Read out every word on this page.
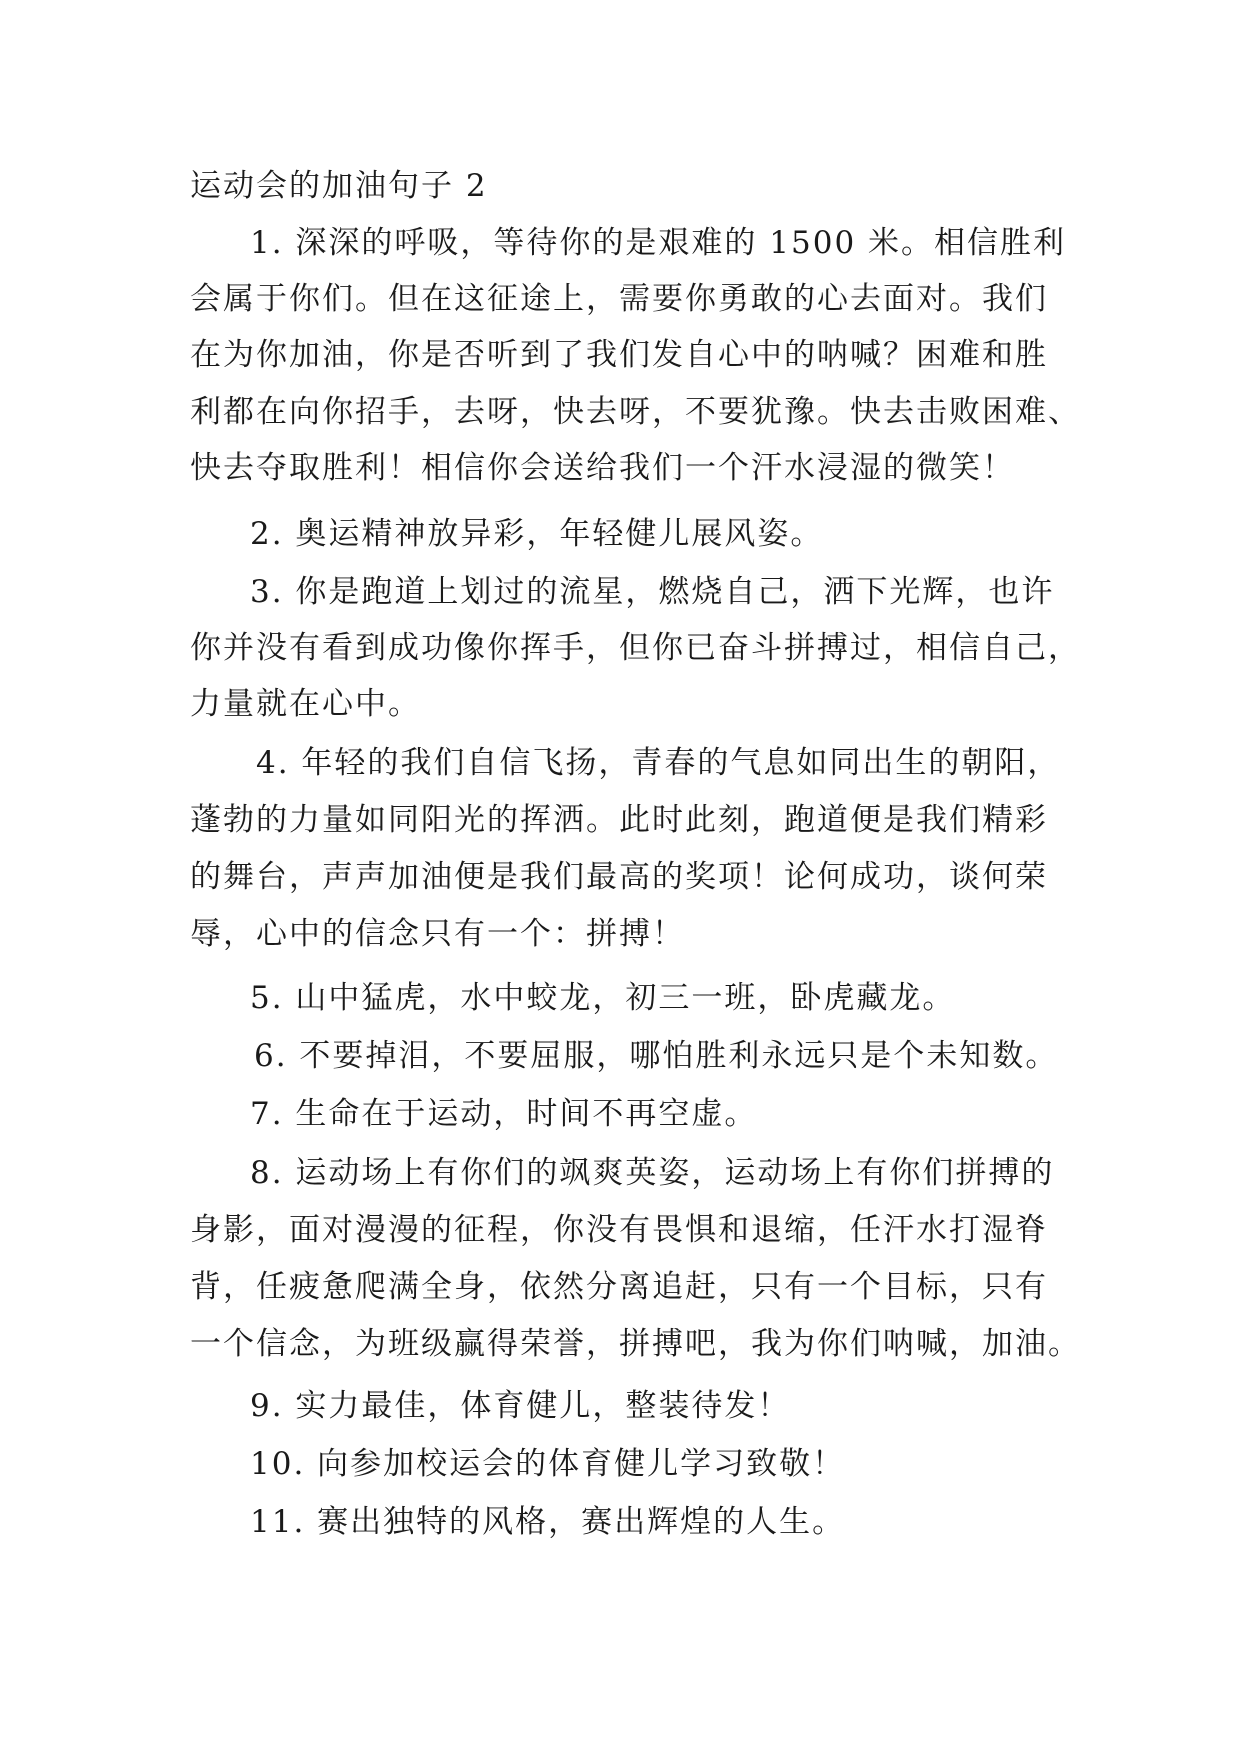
运动会的加油句子 2
1. 深深的呼吸，等待你的是艰难的 1500 米。相信胜利
会属于你们。但在这征途上，需要你勇敢的心去面对。我们
在为你加油，你是否听到了我们发自心中的呐喊？困难和胜
利都在向你招手，去呀，快去呀，不要犹豫。快去击败困难、
快去夺取胜利！相信你会送给我们一个汗水浸湿的微笑！
2. 奥运精神放异彩，年轻健儿展风姿。
3. 你是跑道上划过的流星，燃烧自己，洒下光辉，也许
你并没有看到成功像你挥手，但你已奋斗拼搏过，相信自己，
力量就在心中。
4. 年轻的我们自信飞扬，青春的气息如同出生的朝阳，
蓬勃的力量如同阳光的挥洒。此时此刻，跑道便是我们精彩
的舞台，声声加油便是我们最高的奖项！论何成功，谈何荣
辱，心中的信念只有一个：拼搏！
5. 山中猛虎，水中蛟龙，初三一班，卧虎藏龙。
6. 不要掉泪，不要屈服，哪怕胜利永远只是个未知数。
7. 生命在于运动，时间不再空虚。
8. 运动场上有你们的飒爽英姿，运动场上有你们拼搏的
身影，面对漫漫的征程，你没有畏惧和退缩，任汗水打湿脊
背，任疲惫爬满全身，依然分离追赶，只有一个目标，只有
一个信念，为班级赢得荣誉，拼搏吧，我为你们呐喊，加油。
9. 实力最佳，体育健儿，整装待发！
10. 向参加校运会的体育健儿学习致敬！
11. 赛出独特的风格，赛出辉煌的人生。
